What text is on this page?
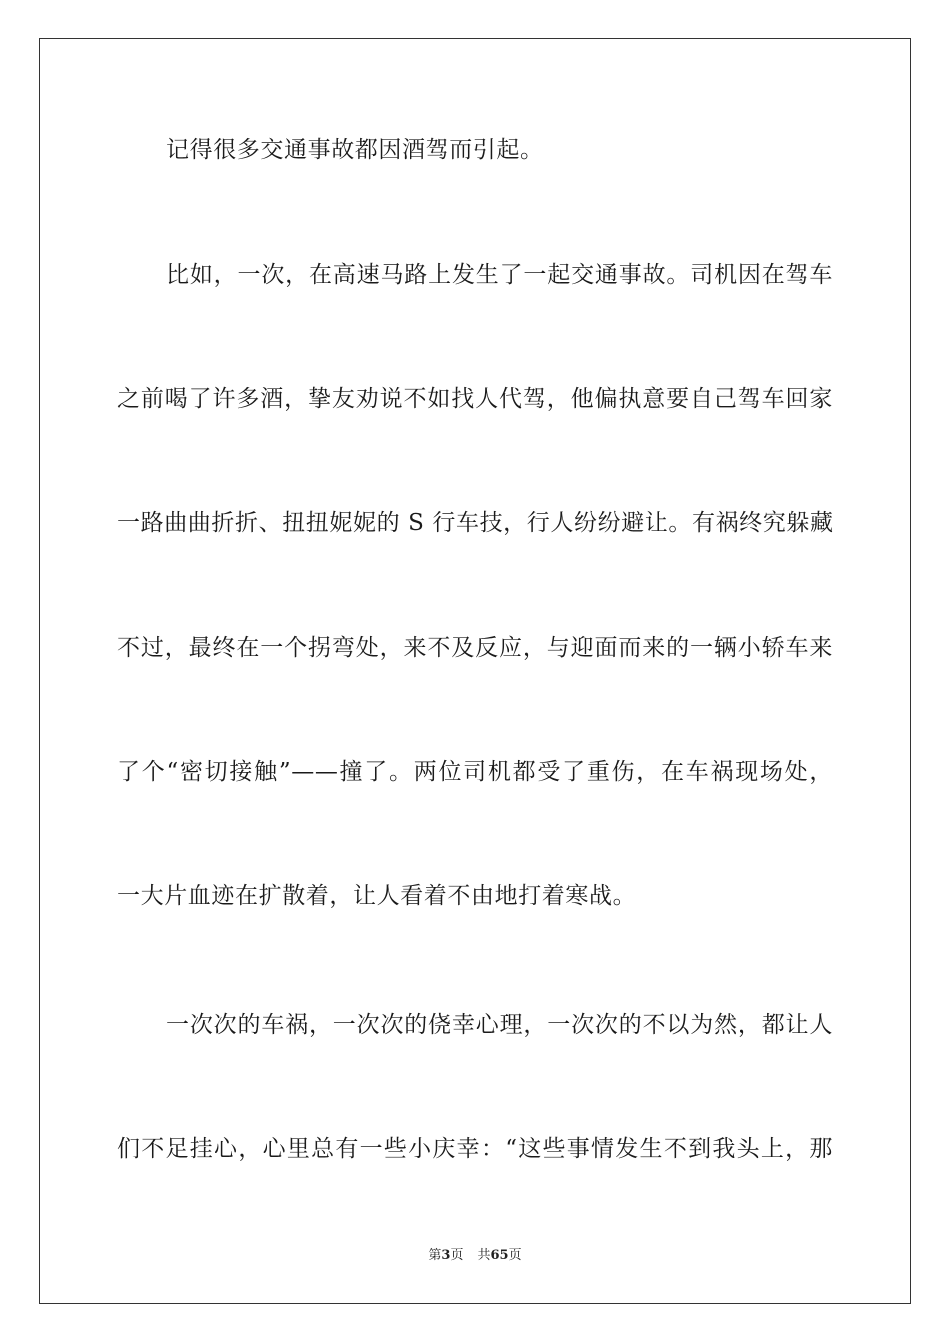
记得很多交通事故都因酒驾而引起。
比如，一次，在高速马路上发生了一起交通事故。司机因在驾车
之前喝了许多酒，挚友劝说不如找人代驾，他偏执意要自己驾车回家
一路曲曲折折、扭扭妮妮的 S 行车技，行人纷纷避让。有祸终究躲藏
不过，最终在一个拐弯处，来不及反应，与迎面而来的一辆小轿车来
了个“密切接触”——撞了。两位司机都受了重伤，在车祸现场处，
一大片血迹在扩散着，让人看着不由地打着寒战。
一次次的车祸，一次次的侥幸心理，一次次的不以为然，都让人
们不足挂心，心里总有一些小庆幸：“这些事情发生不到我头上，那
第3页 共65页
